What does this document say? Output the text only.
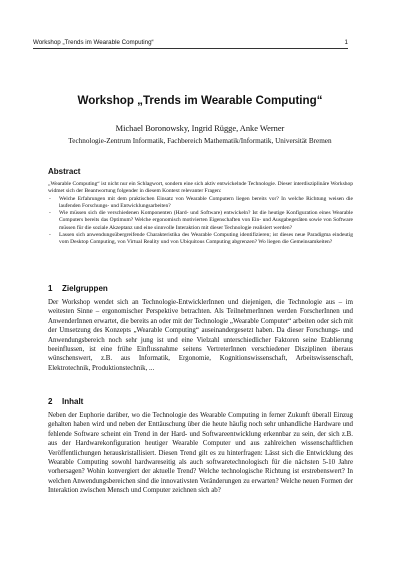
Workshop „Trends im Wearable Computing“	1
Workshop „Trends im Wearable Computing“
Michael Boronowsky, Ingrid Rügge, Anke Werner
Technologie-Zentrum Informatik, Fachbereich Mathematik/Informatik, Universität Bremen
Abstract

„Wearable Computing“ ist nicht nur ein Schlagwort, sondern eine sich aktiv entwickelnde Technologie. Dieser interdisziplinäre Workshop widmet sich der Beantwortung folgender in diesem Kontext relevanter Fragen:

- Welche Erfahrungen mit dem praktischen Einsatz von Wearable Computern liegen bereits vor? In welche Richtung weisen die laufenden Forschungs- und Entwicklungsarbeiten?
- Wie müssen sich die verschiedenen Komponenten (Hard- und Software) entwickeln? Ist die heutige Konfiguration eines Wearable Computers bereits das Optimum? Welche ergonomisch motivierten Eigenschaften von Ein- und Ausgabegeräten sowie von Software müssen für die soziale Akzeptanz und eine sinnvolle Interaktion mit dieser Technologie realisiert werden?
- Lassen sich anwendungsübergreifende Charakteristika des Wearable Computing identifizieren; ist dieses neue Paradigma eindeutig vom Desktop Computing, von Virtual Reality und von Ubiquitous Computing abgrenzen? Wo liegen die Gemeinsamkeiten?
1 Zielgruppen
Der Workshop wendet sich an Technologie-EntwicklerInnen und diejenigen, die Technologie aus – im weitesten Sinne – ergonomischer Perspektive betrachten. Als TeilnehmerInnen werden ForscherInnen und AnwenderInnen erwartet, die bereits an oder mit der Technologie „Wearable Computer“ arbeiten oder sich mit der Umsetzung des Konzepts „Wearable Computing“ auseinandergesetzt haben. Da dieser Forschungs- und Anwendungsbereich noch sehr jung ist und eine Vielzahl unterschiedlicher Faktoren seine Etablierung beeinflussen, ist eine frühe Einflussnahme seitens VertreterInnen verschiedener Disziplinen überaus wünschenswert, z.B. aus Informatik, Ergonomie, Kognitionswissenschaft, Arbeitswissenschaft, Elektrotechnik, Produktionstechnik, ...
2 Inhalt
Neben der Euphorie darüber, wo die Technologie des Wearable Computing in ferner Zukunft überall Einzug gehalten haben wird und neben der Enttäuschung über die heute häufig noch sehr unhandliche Hardware und fehlende Software scheint ein Trend in der Hard- und Softwareentwicklung erkennbar zu sein, der sich z.B. aus der Hardwarekonfiguration heutiger Wearable Computer und aus zahlreichen wissenschaftlichen Veröffentlichungen herauskristallisiert. Diesen Trend gilt es zu hinterfragen: Lässt sich die Entwicklung des Wearable Computing sowohl hardwareseitig als auch softwaretechnologisch für die nächsten 5-10 Jahre vorhersagen? Wohin konvergiert der aktuelle Trend? Welche technologische Richtung ist erstrebenswert? In welchen Anwendungsbereichen sind die innovativsten Veränderungen zu erwarten? Welche neuen Formen der Interaktion zwischen Mensch und Computer zeichnen sich ab?
